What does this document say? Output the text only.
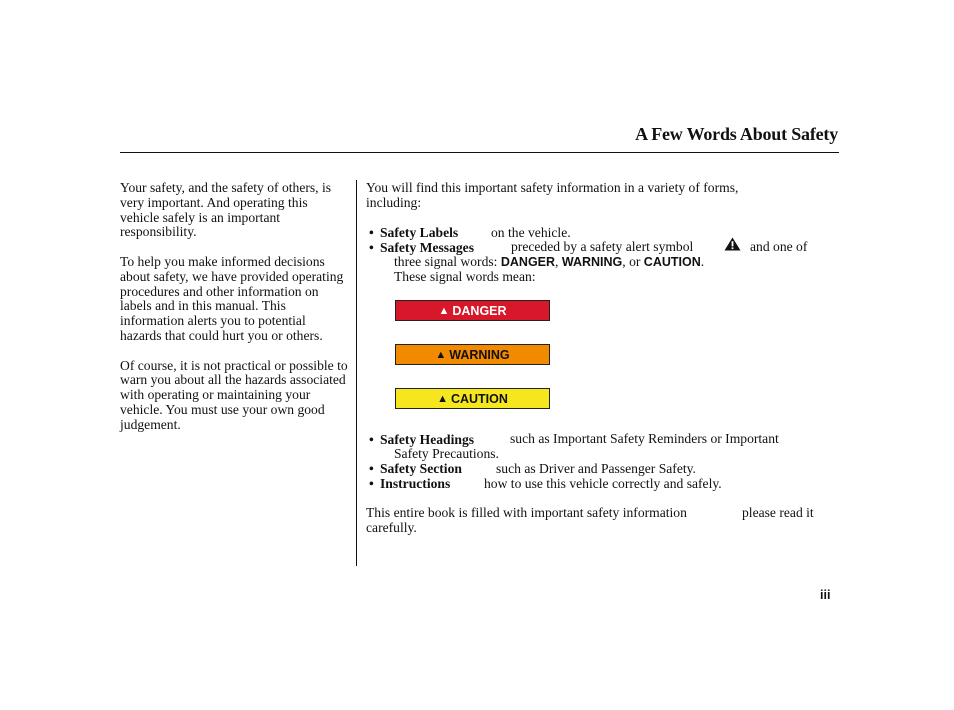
A Few Words About Safety

Your safety, and the safety of others, is very important. And operating this vehicle safely is an important responsibility.

To help you make informed decisions about safety, we have provided operating procedures and other information on labels and in this manual. This information alerts you to potential hazards that could hurt you or others.

Of course, it is not practical or possible to warn you about all the hazards associated with operating or maintaining your vehicle. You must use your own good judgement.

You will find this important safety information in a variety of forms,
including:
• Safety Labels on the vehicle.
• Safety Messages	preceded by a safety alert symbol	and one of
three signal words: DANGER, WARNING, or CAUTION.
These signal words mean:
▲ DANGER
▲ WARNING
▲ CAUTION
• Safety Headings	such as Important Safety Reminders or Important
Safety Precautions.
• Safety Section	such as Driver and Passenger Safety.
• Instructions how to use this vehicle correctly and safely.
This entire book is filled with important safety information	please read it
carefully.
iii
